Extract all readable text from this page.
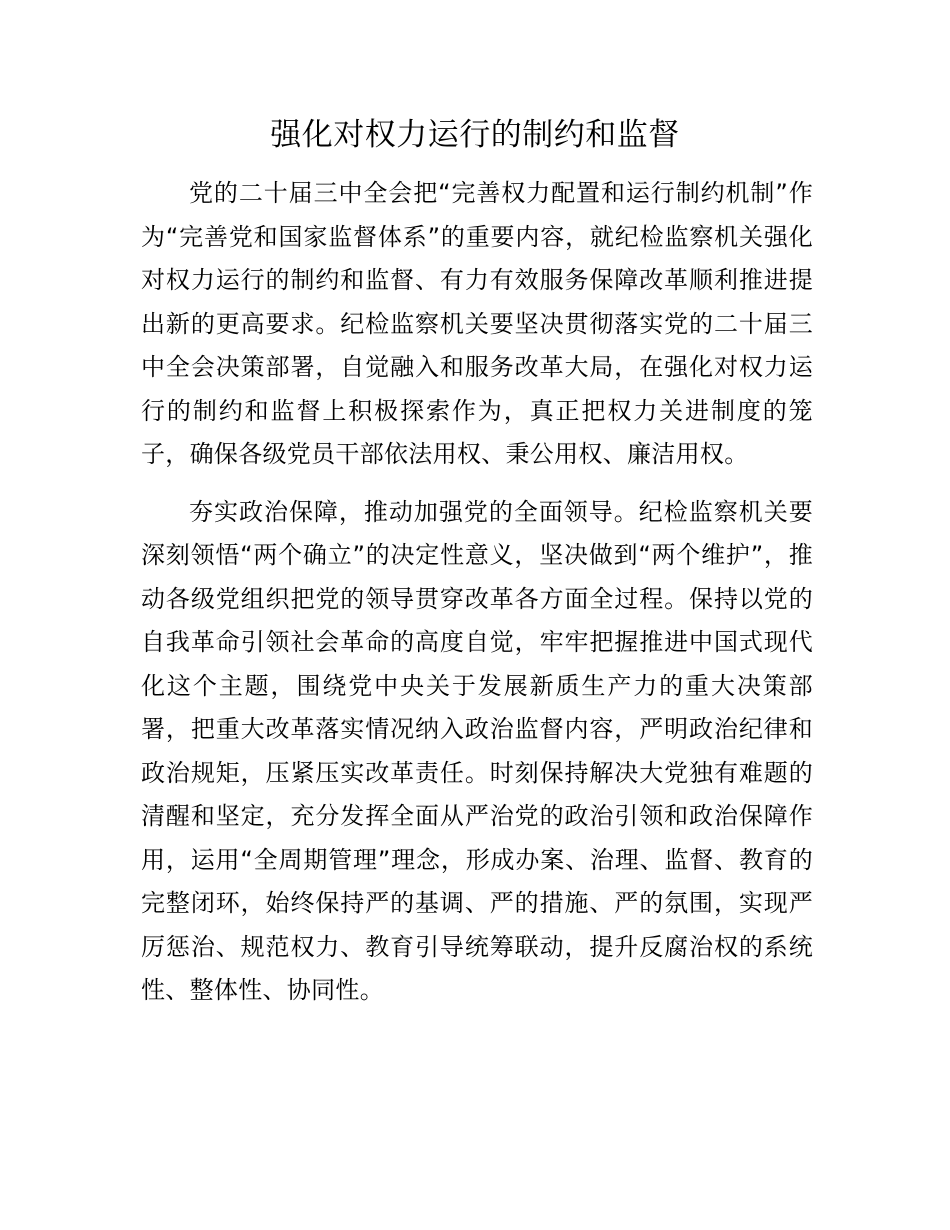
强化对权力运行的制约和监督

党的二十届三中全会把“完善权力配置和运行制约机制”作为“完善党和国家监督体系”的重要内容，就纪检监察机关强化对权力运行的制约和监督、有力有效服务保障改革顺利推进提出新的更高要求。纪检监察机关要坚决贯彻落实党的二十届三中全会决策部署，自觉融入和服务改革大局，在强化对权力运行的制约和监督上积极探索作为，真正把权力关进制度的笼子，确保各级党员干部依法用权、秉公用权、廉洁用权。

夯实政治保障，推动加强党的全面领导。纪检监察机关要深刻领悟“两个确立”的决定性意义，坚决做到“两个维护”，推动各级党组织把党的领导贯穿改革各方面全过程。保持以党的自我革命引领社会革命的高度自觉，牢牢把握推进中国式现代化这个主题，围绕党中央关于发展新质生产力的重大决策部署，把重大改革落实情况纳入政治监督内容，严明政治纪律和政治规矩，压紧压实改革责任。时刻保持解决大党独有难题的清醒和坚定，充分发挥全面从严治党的政治引领和政治保障作用，运用“全周期管理”理念，形成办案、治理、监督、教育的完整闭环，始终保持严的基调、严的措施、严的氛围，实现严厉惩治、规范权力、教育引导统筹联动，提升反腐治权的系统性、整体性、协同性。
